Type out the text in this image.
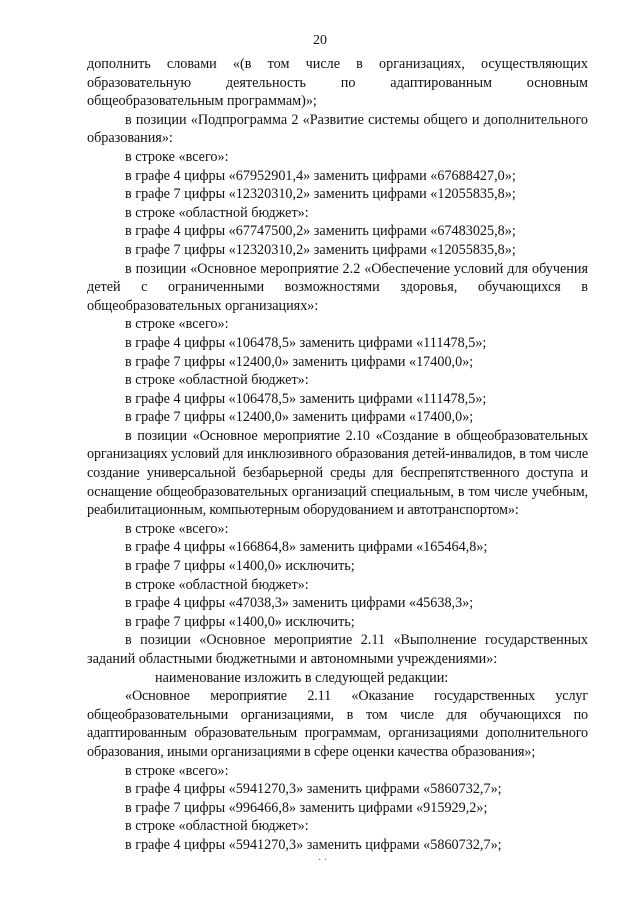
20

дополнить словами «(в том числе в организациях, осуществляющих образовательную деятельность по адаптированным основным общеобразовательным программам)»;

в позиции «Подпрограмма 2 «Развитие системы общего и дополнительного образования»:

в строке «всего»:

в графе 4 цифры «67952901,4» заменить цифрами «67688427,0»;

в графе 7 цифры «12320310,2» заменить цифрами «12055835,8»;

в строке «областной бюджет»:

в графе 4 цифры «67747500,2» заменить цифрами «67483025,8»;

в графе 7 цифры «12320310,2» заменить цифрами «12055835,8»;

в позиции «Основное мероприятие 2.2 «Обеспечение условий для обучения детей с ограниченными возможностями здоровья, обучающихся в общеобразовательных организациях»:

в строке «всего»:

в графе 4 цифры «106478,5» заменить цифрами «111478,5»;

в графе 7 цифры «12400,0» заменить цифрами «17400,0»;

в строке «областной бюджет»:

в графе 4 цифры «106478,5» заменить цифрами «111478,5»;

в графе 7 цифры «12400,0» заменить цифрами «17400,0»;

в позиции «Основное мероприятие 2.10 «Создание в общеобразовательных организациях условий для инклюзивного образования детей-инвалидов, в том числе создание универсальной безбарьерной среды для беспрепятственного доступа и оснащение общеобразовательных организаций специальным, в том числе учебным, реабилитационным, компьютерным оборудованием и автотранспортом»:

в строке «всего»:

в графе 4 цифры «166864,8» заменить цифрами «165464,8»;

в графе 7 цифры «1400,0» исключить;

в строке «областной бюджет»:

в графе 4 цифры «47038,3» заменить цифрами «45638,3»;

в графе 7 цифры «1400,0» исключить;

в позиции «Основное мероприятие 2.11 «Выполнение государственных заданий областными бюджетными и автономными учреждениями»:

наименование изложить в следующей редакции:

«Основное мероприятие 2.11 «Оказание государственных услуг общеобразовательными организациями, в том числе для обучающихся по адаптированным образовательным программам, организациями дополнительного образования, иными организациями в сфере оценки качества образования»;

в строке «всего»:

в графе 4 цифры «5941270,3» заменить цифрами «5860732,7»;

в графе 7 цифры «996466,8» заменить цифрами «915929,2»;

в строке «областной бюджет»:

в графе 4 цифры «5941270,3» заменить цифрами «5860732,7»;

· ·
